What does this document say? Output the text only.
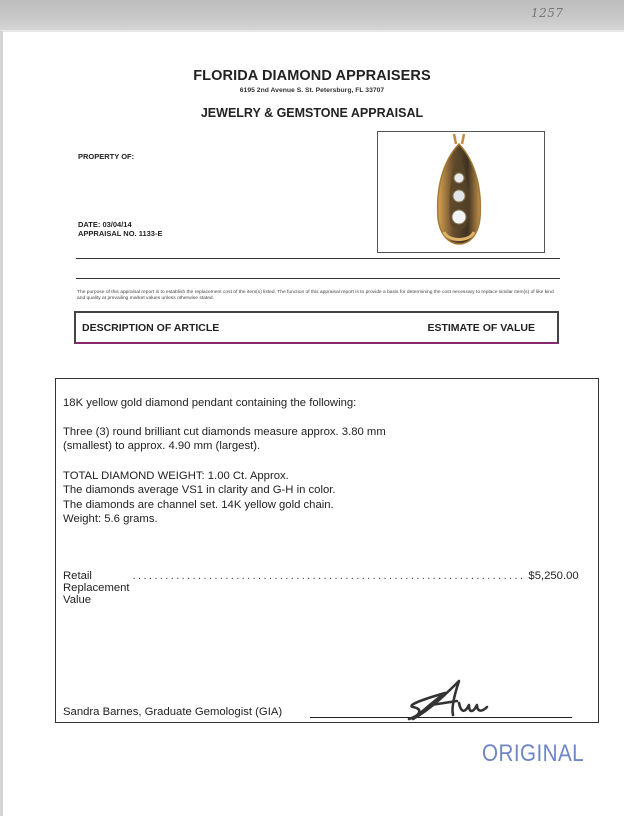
1257
FLORIDA DIAMOND APPRAISERS
6195 2nd Avenue S. St. Petersburg, FL 33707
JEWELRY & GEMSTONE APPRAISAL
PROPERTY OF:
DATE: 03/04/14
APPRAISAL NO. 1133-E
The purpose of this appraisal report is to establish the replacement cost of the item(s) listed. The function of this appraisal report is to provide a basis for determining the cost necessary to replace similar item(s) of like kind and quality at prevailing market values unless otherwise stated.
DESCRIPTION OF ARTICLE	ESTIMATE OF VALUE
18K yellow gold diamond pendant containing the following:
Three (3) round brilliant cut diamonds measure approx. 3.80 mm
(smallest) to approx. 4.90 mm (largest).
TOTAL DIAMOND WEIGHT: 1.00 Ct. Approx.
The diamonds average VS1 in clarity and G-H in color.
The diamonds are channel set. 14K yellow gold chain.
Weight: 5.6 grams.
Retail Replacement Value
........................................................................ $5,250.00
Sandra Barnes, Graduate Gemologist (GIA)
ORIGINAL
